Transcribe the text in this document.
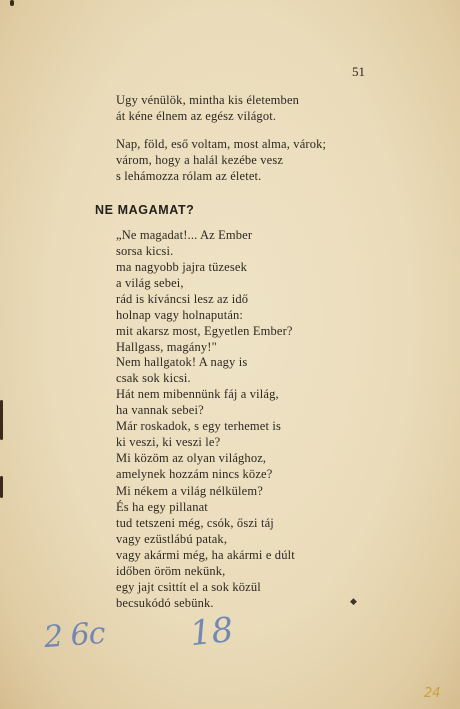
51
Ugy vénülök, mintha kis életemben
át kéne élnem az egész világot.
Nap, föld, eső voltam, most alma, várok;
várom, hogy a halál kezébe vesz
s lehámozza rólam az életet.
NE MAGAMAT?
„Ne magadat!... Az Ember
sorsa kicsi.
ma nagyobb jajra tüzesek
a világ sebei,
rád is kíváncsi lesz az idő
holnap vagy holnapután:
mit akarsz most, Egyetlen Ember?
Hallgass, magány!"
Nem hallgatok! A nagy is
csak sok kicsi.
Hát nem mibennünk fáj a világ,
ha vannak sebei?
Már roskadok, s egy terhemet is
ki veszi, ki veszi le?
Mi közöm az olyan világhoz,
amelynek hozzám nincs köze?
Mi nékem a világ nélkülem?
És ha egy pillanat
tud tetszeni még, csók, őszi táj
vagy ezüstlábú patak,
vagy akármi még, ha akármi e dúlt
időben öröm nekünk,
egy jajt csittít el a sok közül
becsukódó sebünk.	◆
2 6c 18
24
